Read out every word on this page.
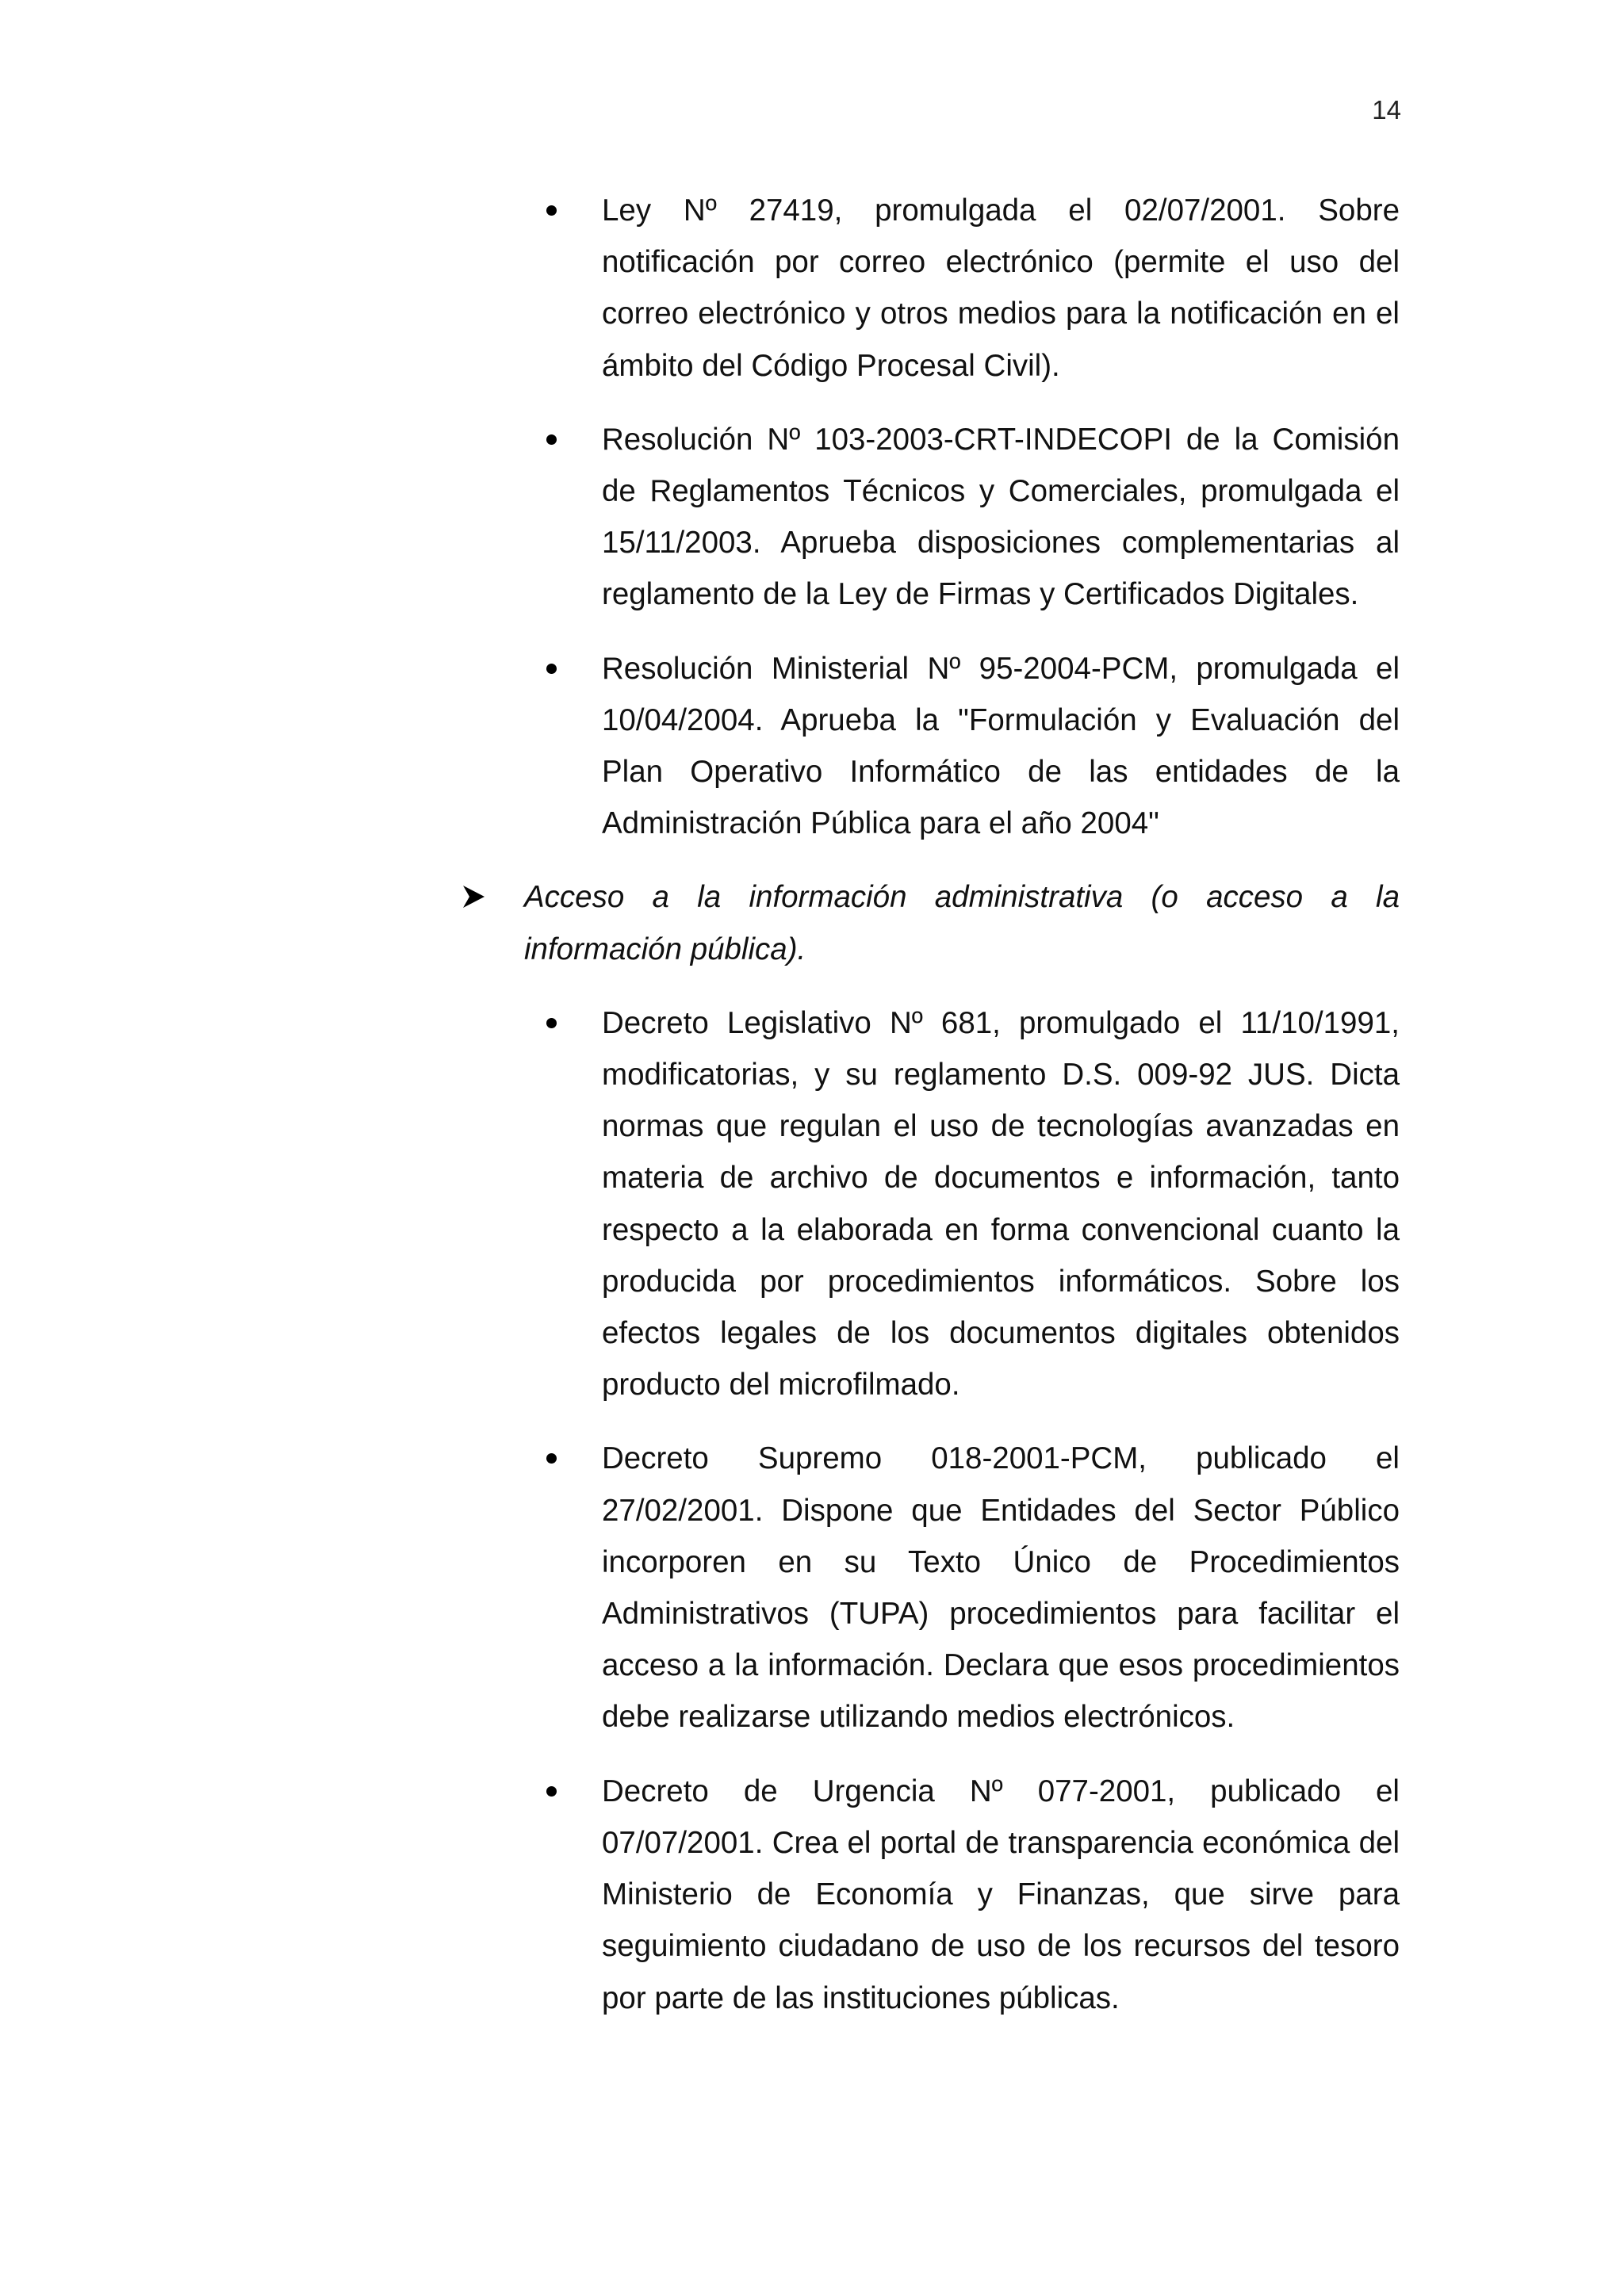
14
Ley Nº 27419, promulgada el 02/07/2001. Sobre notificación por correo electrónico (permite el uso del correo electrónico y otros medios para la notificación en el ámbito del Código Procesal Civil).
Resolución Nº 103-2003-CRT-INDECOPI de la Comisión de Reglamentos Técnicos y Comerciales, promulgada el 15/11/2003. Aprueba disposiciones complementarias al reglamento de la Ley de Firmas y Certificados Digitales.
Resolución Ministerial Nº 95-2004-PCM, promulgada el 10/04/2004. Aprueba la "Formulación y Evaluación del Plan Operativo Informático de las entidades de la Administración Pública para el año 2004"
Acceso a la información administrativa (o acceso a la información pública).
Decreto Legislativo Nº 681, promulgado el 11/10/1991, modificatorias, y su reglamento D.S. 009-92 JUS. Dicta normas que regulan el uso de tecnologías avanzadas en materia de archivo de documentos e información, tanto respecto a la elaborada en forma convencional cuanto la producida por procedimientos informáticos. Sobre los efectos legales de los documentos digitales obtenidos producto del microfilmado.
Decreto Supremo 018-2001-PCM, publicado el 27/02/2001. Dispone que Entidades del Sector Público incorporen en su Texto Único de Procedimientos Administrativos (TUPA) procedimientos para facilitar el acceso a la información. Declara que esos procedimientos debe realizarse utilizando medios electrónicos.
Decreto de Urgencia Nº 077-2001, publicado el 07/07/2001. Crea el portal de transparencia económica del Ministerio de Economía y Finanzas, que sirve para seguimiento ciudadano de uso de los recursos del tesoro por parte de las instituciones públicas.
